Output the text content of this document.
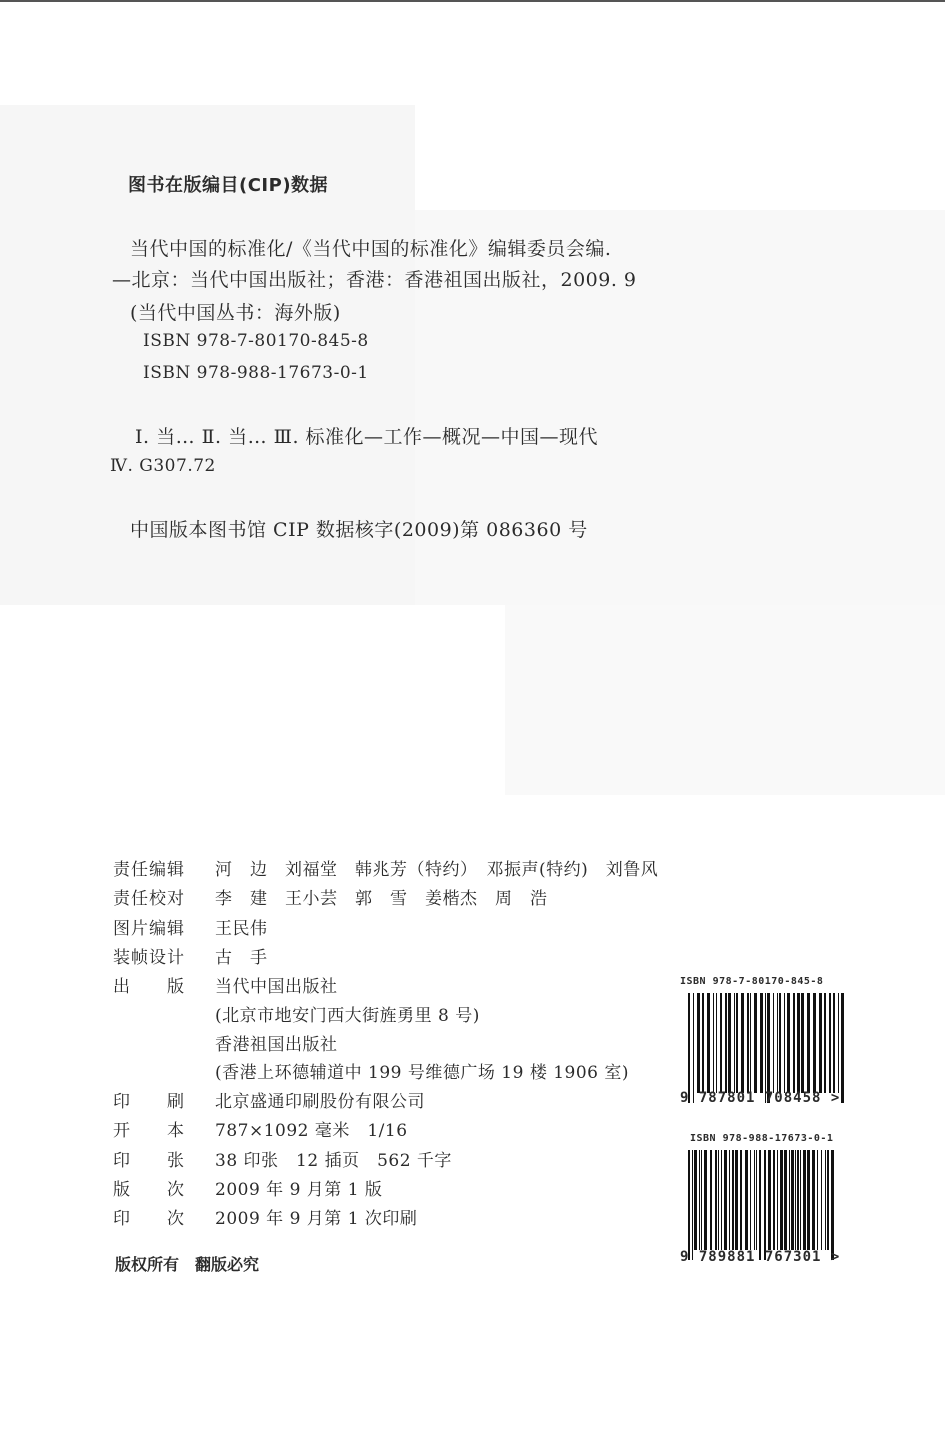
图书在版编目(CIP)数据
当代中国的标准化/《当代中国的标准化》编辑委员会编.
—北京：当代中国出版社；香港：香港祖国出版社，2009. 9
(当代中国丛书：海外版)
ISBN 978-7-80170-845-8
ISBN 978-988-17673-0-1
Ⅰ. 当… Ⅱ. 当… Ⅲ. 标准化—工作—概况—中国—现代
Ⅳ. G307.72
中国版本图书馆 CIP 数据核字(2009)第 086360 号
责任编辑	河　边　刘福堂　韩兆芳（特约）　邓振声(特约)　刘鲁风
责任校对	李　建　王小芸　郭　雪　姜楷杰　周　浩
图片编辑	王民伟
装帧设计	古　手
出　　版	当代中国出版社
(北京市地安门西大街旌勇里 8 号)
香港祖国出版社
(香港上环德辅道中 199 号维德广场 19 楼 1906 室)
印　　刷	北京盛通印刷股份有限公司
开　　本	787×1092 毫米　1/16
印　　张	38 印张　12 插页　562 千字
版　　次	2009 年 9 月第 1 版
印　　次	2009 年 9 月第 1 次印刷
版权所有　翻版必究
ISBN 978-7-80170-845-8
9 787801 708458 >
ISBN 978-988-17673-0-1
9 789881 767301 >
